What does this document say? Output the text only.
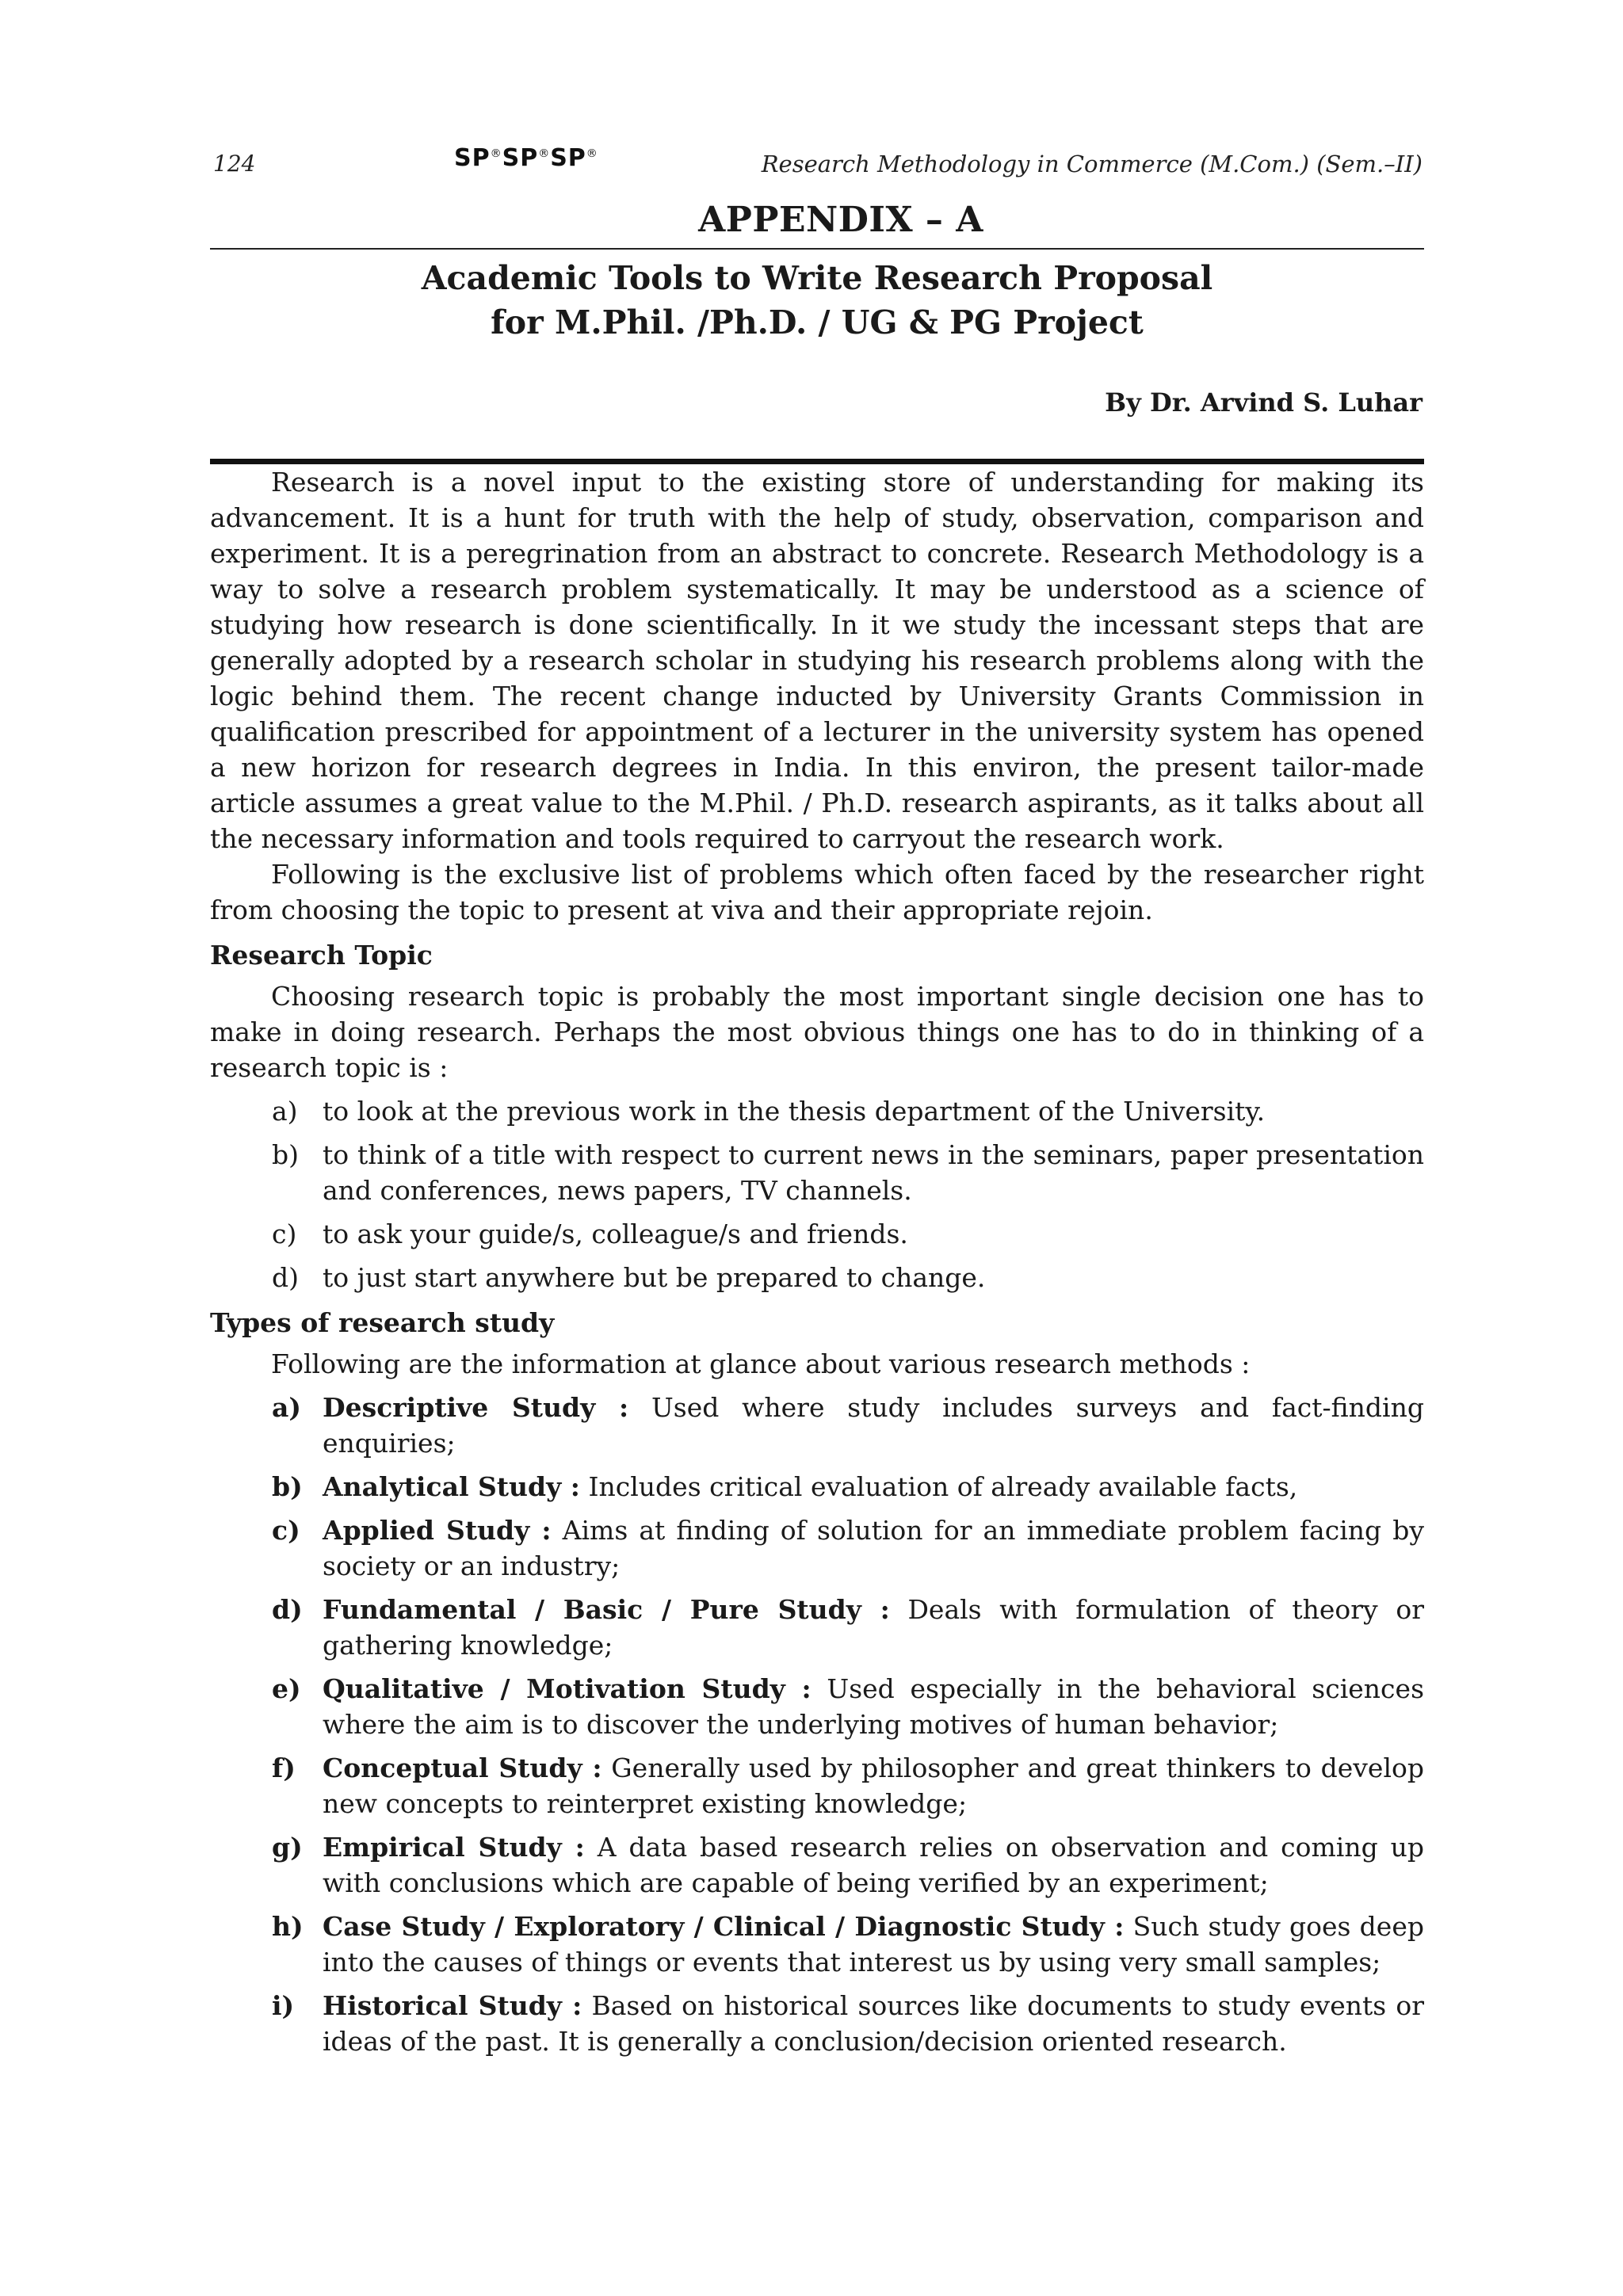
124	SP®SP®SP®	Research Methodology in Commerce (M.Com.) (Sem.–II)
APPENDIX – A
Academic Tools to Write Research Proposal
for M.Phil. /Ph.D. / UG & PG Project
By Dr. Arvind S. Luhar

Research is a novel input to the existing store of understanding for making its advancement. It is a hunt for truth with the help of study, observation, comparison and experiment. It is a peregrination from an abstract to concrete. Research Methodology is a way to solve a research problem systematically. It may be understood as a science of studying how research is done scientifically. In it we study the incessant steps that are generally adopted by a research scholar in studying his research problems along with the logic behind them. The recent change inducted by University Grants Commission in qualification prescribed for appointment of a lecturer in the university system has opened a new horizon for research degrees in India. In this environ, the present tailor-made article assumes a great value to the M.Phil. / Ph.D. research aspirants, as it talks about all the necessary information and tools required to carryout the research work.

Following is the exclusive list of problems which often faced by the researcher right from choosing the topic to present at viva and their appropriate rejoin.

Research Topic

Choosing research topic is probably the most important single decision one has to make in doing research. Perhaps the most obvious things one has to do in thinking of a research topic is :

a) to look at the previous work in the thesis department of the University.
b) to think of a title with respect to current news in the seminars, paper presentation and conferences, news papers, TV channels.
c) to ask your guide/s, colleague/s and friends.
d) to just start anywhere but be prepared to change.
Types of research study

Following are the information at glance about various research methods :

a) Descriptive Study : Used where study includes surveys and fact-finding enquiries;
b) Analytical Study : Includes critical evaluation of already available facts,
c) Applied Study : Aims at finding of solution for an immediate problem facing by society or an industry;
d) Fundamental / Basic / Pure Study : Deals with formulation of theory or gathering knowledge;
e) Qualitative / Motivation Study : Used especially in the behavioral sciences where the aim is to discover the underlying motives of human behavior;
f) Conceptual Study : Generally used by philosopher and great thinkers to develop new concepts to reinterpret existing knowledge;
g) Empirical Study : A data based research relies on observation and coming up with conclusions which are capable of being verified by an experiment;
h) Case Study / Exploratory / Clinical / Diagnostic Study : Such study goes deep into the causes of things or events that interest us by using very small samples;
i) Historical Study : Based on historical sources like documents to study events or ideas of the past. It is generally a conclusion/decision oriented research.
